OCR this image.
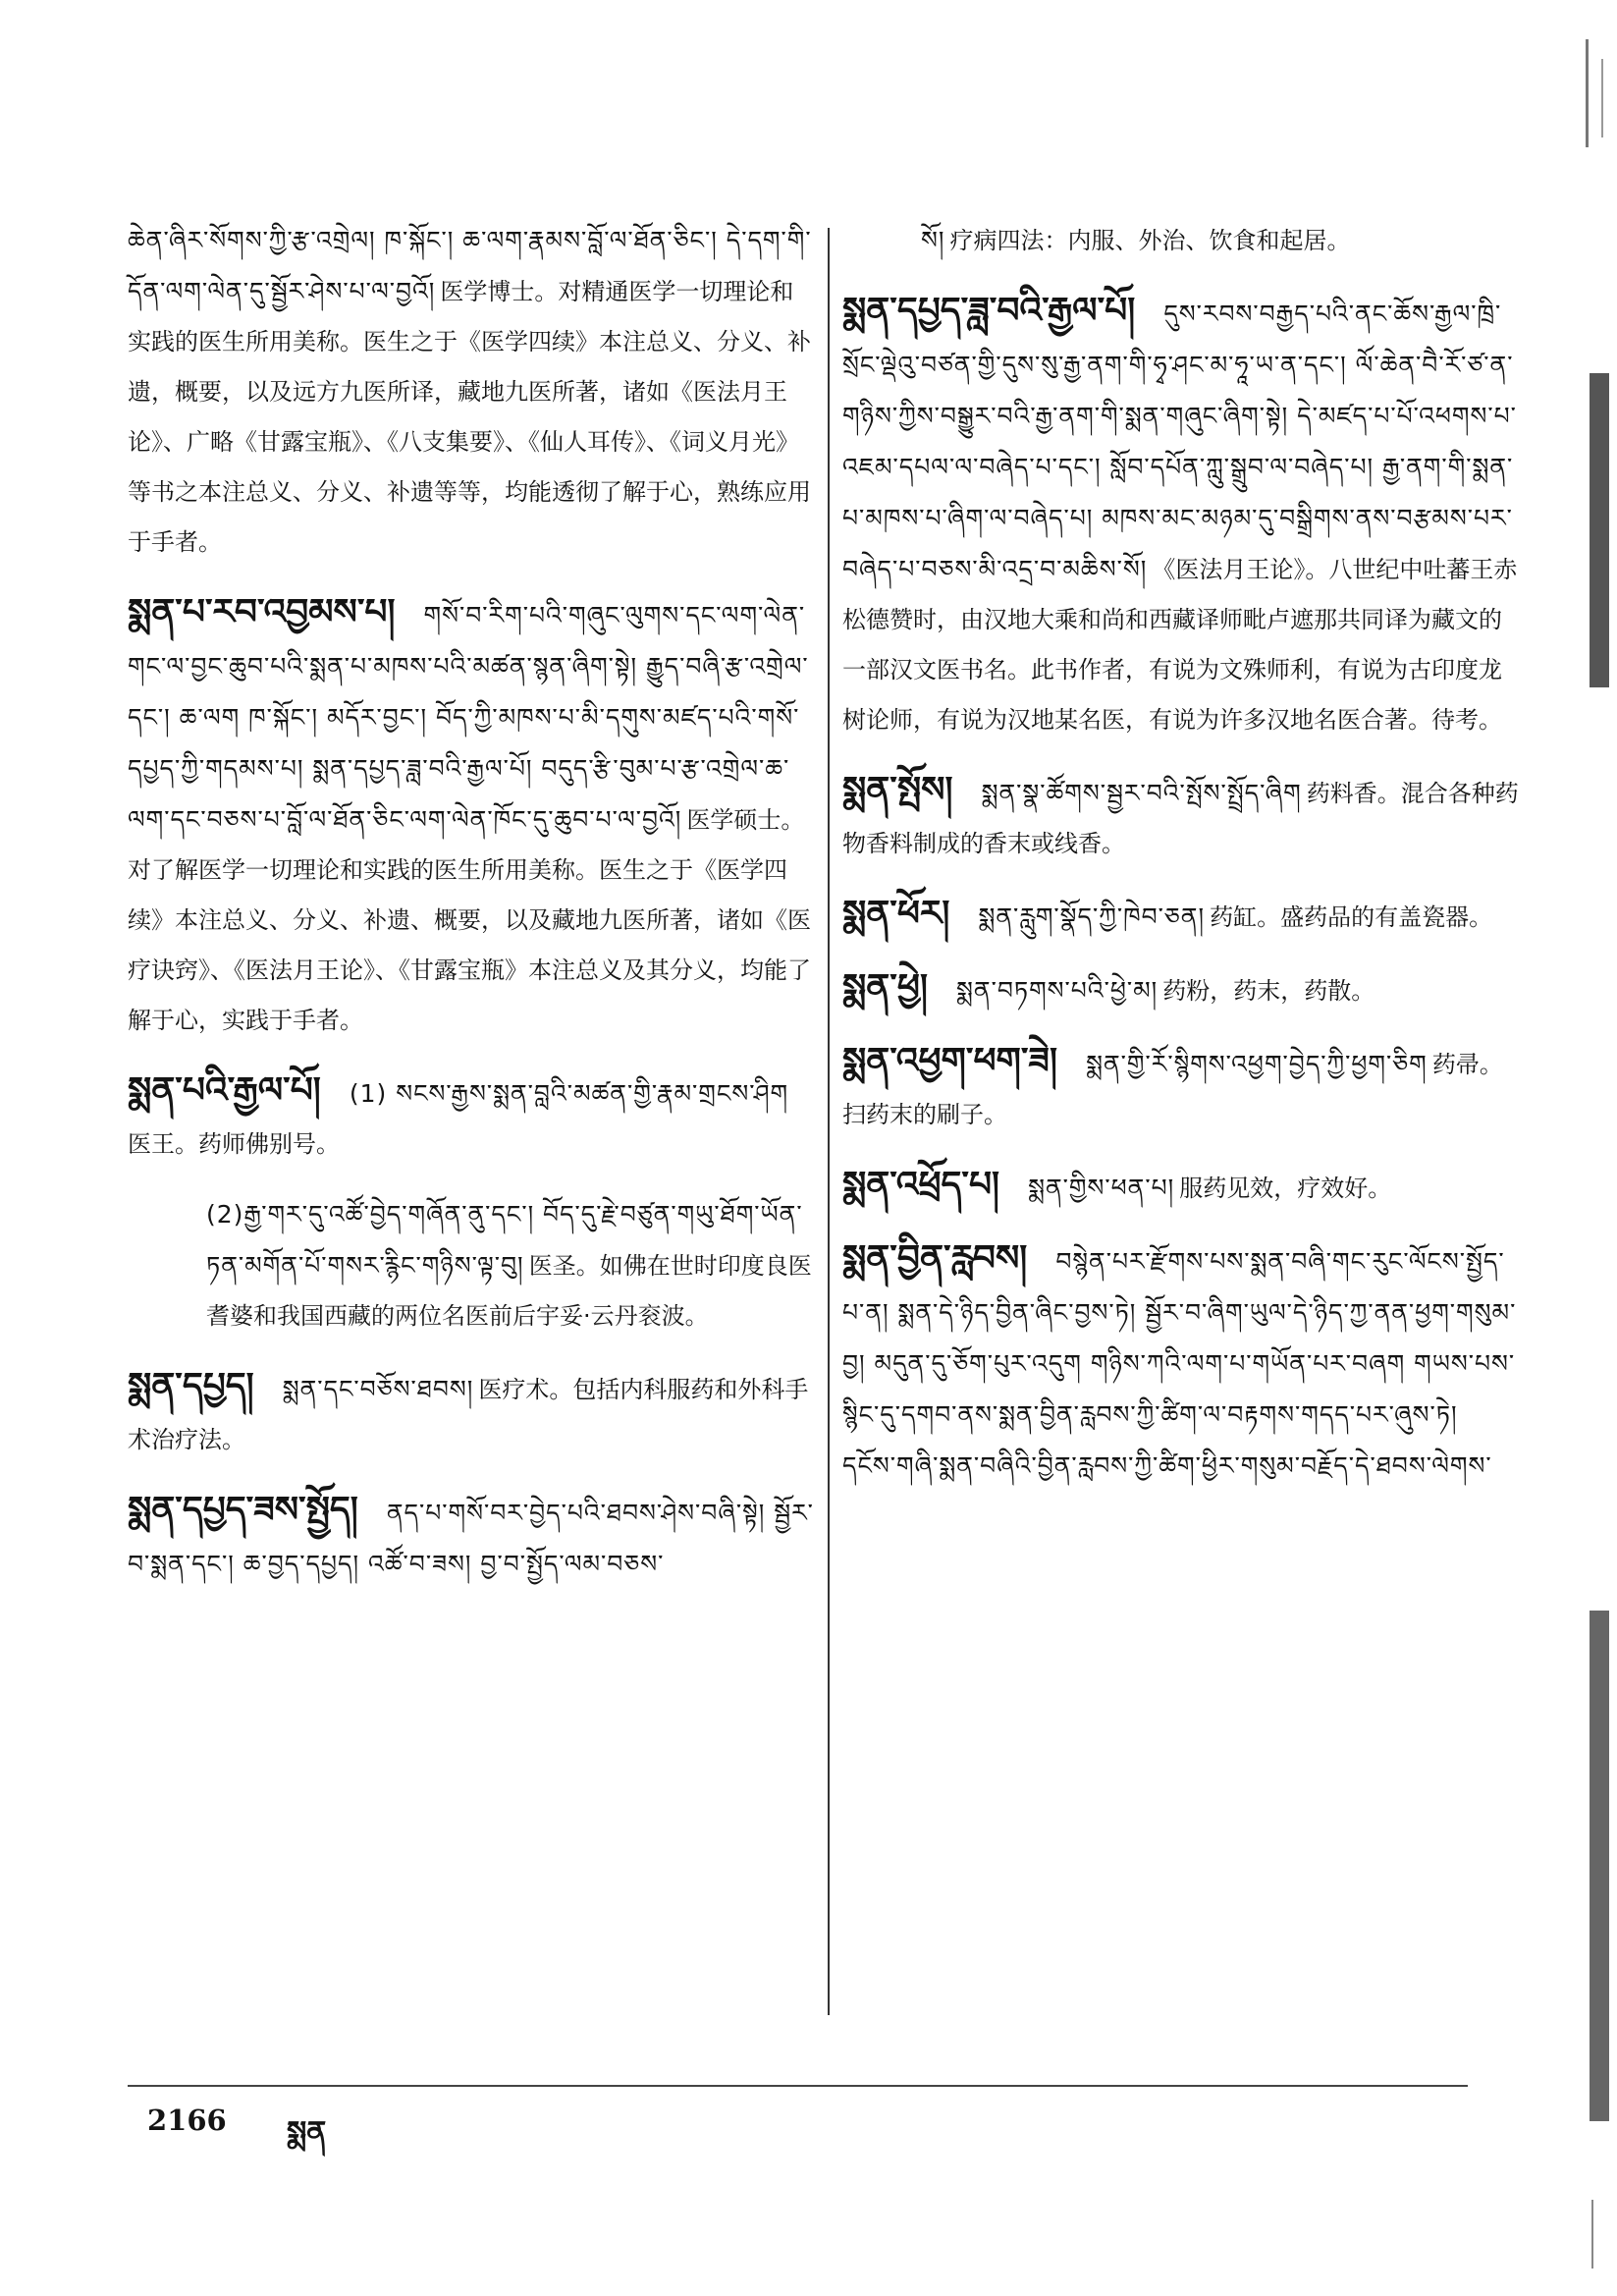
ཆེན་ཞིར་སོགས་ཀྱི་རྩ་འགྲེལ། ཁ་སྐོང་། ཆ་ལག་རྣམས་བློ་ལ་ཐོན་ཅིང་། དེ་དག་གི་དོན་ལག་ལེན་དུ་སྦྱོར་ཤེས་པ་ལ་བྱའོ། 医学博士。对精通医学一切理论和实践的医生所用美称。医生之于《医学四续》本注总义、分义、补遗，概要，以及远方九医所译，藏地九医所著，诸如《医法月王论》、广略《甘露宝瓶》、《八支集要》、《仙人耳传》、《词义月光》等书之本注总义、分义、补遗等等，均能透彻了解于心，熟练应用于手者。
སྨན་པ་རབ་འབྱམས་པ། གསོ་བ་རིག་པའི་གཞུང་ལུགས་དང་ལག་ལེན་གང་ལ་བྱང་ཆུབ་པའི་སྨན་པ་མཁས་པའི་མཚན་སྙན་ཞིག་སྟེ། རྒྱུད་བཞི་རྩ་འགྲེལ་དང་། ཆ་ལག ཁ་སྐོང་། མདོར་བྱང་། བོད་ཀྱི་མཁས་པ་མི་དགུས་མཛད་པའི་གསོ་དཔྱད་ཀྱི་གདམས་པ། སྨན་དཔྱད་ཟླ་བའི་རྒྱལ་པོ། བདུད་རྩི་བུམ་པ་རྩ་འགྲེལ་ཆ་ལག་དང་བཅས་པ་བློ་ལ་ཐོན་ཅིང་ལག་ལེན་ཁོང་དུ་ཆུབ་པ་ལ་བྱའོ། 医学硕士。对了解医学一切理论和实践的医生所用美称。医生之于《医学四续》本注总义、分义、补遗、概要，以及藏地九医所著，诸如《医疗诀窍》、《医法月王论》、《甘露宝瓶》本注总义及其分义，均能了解于心，实践于手者。
སྨན་པའི་རྒྱལ་པོ། (1) སངས་རྒྱས་སྨན་བླའི་མཚན་གྱི་རྣམ་གྲངས་ཤིག 医王。药师佛别号。
(2)རྒྱ་གར་དུ་འཚོ་བྱེད་གཞོན་ནུ་དང་། བོད་དུ་རྗེ་བཙུན་གཡུ་ཐོག་ཡོན་ཏན་མགོན་པོ་གསར་རྙིང་གཉིས་ལྟ་བུ། 医圣。如佛在世时印度良医耆婆和我国西藏的两位名医前后宇妥·云丹衮波。
སྨན་དཔྱད། སྨན་དང་བཅོས་ཐབས། 医疗术。包括内科服药和外科手术治疗法。
སྨན་དཔྱད་ཟས་སྤྱོད། ནད་པ་གསོ་བར་བྱེད་པའི་ཐབས་ཤེས་བཞི་སྟེ། སྦྱོར་བ་སྨན་དང་། ཆ་བྱད་དཔྱད། འཚོ་བ་ཟས། བྱ་བ་སྤྱོད་ལམ་བཅས་
སོ། 疗病四法：内服、外治、饮食和起居。
སྨན་དཔྱད་ཟླ་བའི་རྒྱལ་པོ། དུས་རབས་བརྒྱད་པའི་ནང་ཆོས་རྒྱལ་ཁྲི་སྲོང་ལྡེའུ་བཙན་གྱི་དུས་སུ་རྒྱ་ནག་གི་ཧྭ་ཤང་མ་ཧཱ་ཡ་ན་དང་། ལོ་ཆེན་བཻ་རོ་ཙ་ན་གཉིས་ཀྱིས་བསྒྱུར་བའི་རྒྱ་ནག་གི་སྨན་གཞུང་ཞིག་སྟེ། དེ་མཛད་པ་པོ་འཕགས་པ་འཇམ་དཔལ་ལ་བཞེད་པ་དང་། སློབ་དཔོན་ཀླུ་སྒྲུབ་ལ་བཞེད་པ། རྒྱ་ནག་གི་སྨན་པ་མཁས་པ་ཞིག་ལ་བཞེད་པ། མཁས་མང་མཉམ་དུ་བསྒྲིགས་ནས་བརྩམས་པར་བཞེད་པ་བཅས་མི་འདྲ་བ་མཆིས་སོ། 《医法月王论》。八世纪中吐蕃王赤松德赞时，由汉地大乘和尚和西藏译师毗卢遮那共同译为藏文的一部汉文医书名。此书作者，有说为文殊师利，有说为古印度龙树论师，有说为汉地某名医，有说为许多汉地名医合著。待考。
སྨན་སྤོས། སྨན་སྣ་ཚོགས་སྦྱར་བའི་སྤོས་སྤྲོད་ཞིག 药料香。混合各种药物香料制成的香末或线香。
སྨན་ཕོར། སྨན་རླུག་སྣོད་ཀྱི་ཁེབ་ཅན། 药缸。盛药品的有盖瓷器。
སྨན་ཕྱེ། སྨན་བཏགས་པའི་ཕྱེ་མ། 药粉，药末，药散。
སྨན་འཕྱག་ཕག་ཟེ། སྨན་གྱི་རོ་སྙིགས་འཕྱག་བྱེད་ཀྱི་ཕྱག་ཅིག 药帚。扫药末的刷子。
སྨན་འཕྲོད་པ། སྨན་གྱིས་ཕན་པ། 服药见效，疗效好。
སྨན་བྱིན་རླབས། བསྙེན་པར་རྫོགས་པས་སྨན་བཞི་གང་རུང་ལོངས་སྤྱོད་པ་ན། སྨན་དེ་ཉིད་བྱིན་ཞིང་བྱས་ཏེ། སྦྱོར་བ་ཞིག་ཡུལ་དེ་ཉིད་ཀྱ་ནན་ཕྱག་གསུམ་བྱ། མདུན་དུ་ཅོག་པུར་འདུག གཉིས་ཀའི་ལག་པ་གཡོན་པར་བཞག གཡས་པས་སྙིང་དུ་དགབ་ནས་སྨན་བྱིན་རླབས་ཀྱི་ཚིག་ལ་བརྟགས་གདད་པར་ཞུས་ཏེ། དངོས་གཞི་སྨན་བཞིའི་བྱིན་རླབས་ཀྱི་ཚིག་ཕྱིར་གསུམ་བརྗོད་དེ་ཐབས་ལེགས་
2166 སྨན
